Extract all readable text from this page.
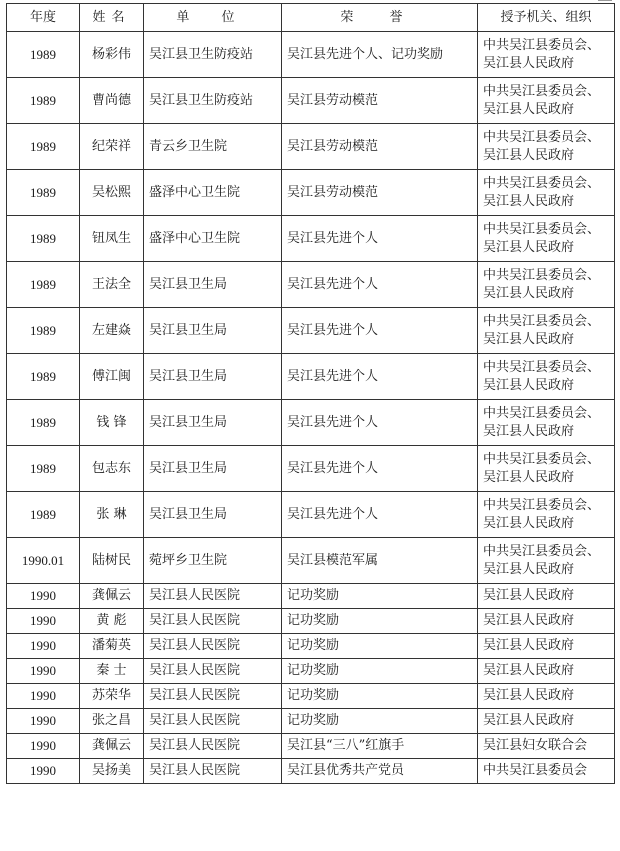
年度	姓名	单 位	荣 誉	授予机关、组织
1989	杨彩伟	吴江县卫生防疫站	吴江县先进个人、记功奖励	中共吴江县委员会、吴江县人民政府
1989	曹尚德	吴江县卫生防疫站	吴江县劳动模范	中共吴江县委员会、吴江县人民政府
1989	纪荣祥	青云乡卫生院	吴江县劳动模范	中共吴江县委员会、吴江县人民政府
1989	吴松熙	盛泽中心卫生院	吴江县劳动模范	中共吴江县委员会、吴江县人民政府
1989	钮凤生	盛泽中心卫生院	吴江县先进个人	中共吴江县委员会、吴江县人民政府
1989	王法全	吴江县卫生局	吴江县先进个人	中共吴江县委员会、吴江县人民政府
1989	左建焱	吴江县卫生局	吴江县先进个人	中共吴江县委员会、吴江县人民政府
1989	傅江闽	吴江县卫生局	吴江县先进个人	中共吴江县委员会、吴江县人民政府
1989	钱 锋	吴江县卫生局	吴江县先进个人	中共吴江县委员会、吴江县人民政府
1989	包志东	吴江县卫生局	吴江县先进个人	中共吴江县委员会、吴江县人民政府
1989	张 琳	吴江县卫生局	吴江县先进个人	中共吴江县委员会、吴江县人民政府
1990.01	陆树民	菀坪乡卫生院	吴江县模范军属	中共吴江县委员会、吴江县人民政府
1990	龚佩云	吴江县人民医院	记功奖励	吴江县人民政府
1990	黄 彪	吴江县人民医院	记功奖励	吴江县人民政府
1990	潘菊英	吴江县人民医院	记功奖励	吴江县人民政府
1990	秦 士	吴江县人民医院	记功奖励	吴江县人民政府
1990	苏荣华	吴江县人民医院	记功奖励	吴江县人民政府
1990	张之昌	吴江县人民医院	记功奖励	吴江县人民政府
1990	龚佩云	吴江县人民医院	吴江县“三八”红旗手	吴江县妇女联合会
1990	吴扬美	吴江县人民医院	吴江县优秀共产党员	中共吴江县委员会
